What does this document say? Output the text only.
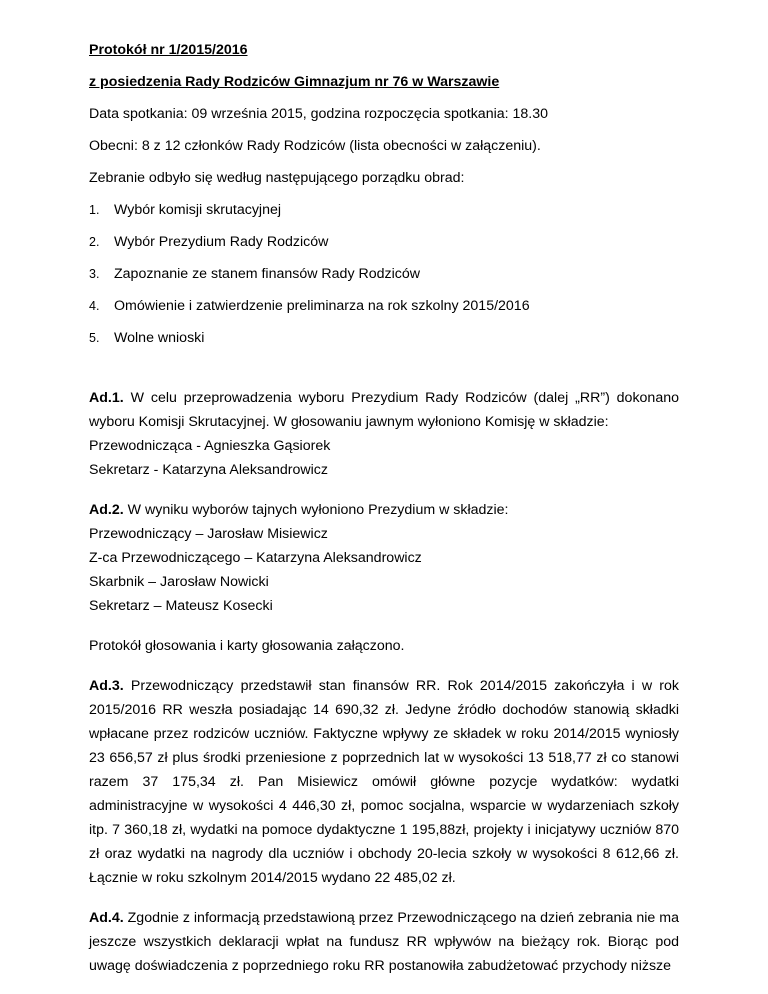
Protokół nr 1/2015/2016

z posiedzenia Rady Rodziców Gimnazjum nr 76 w Warszawie

Data spotkania: 09 września 2015, godzina rozpoczęcia spotkania: 18.30

Obecni: 8 z 12 członków Rady Rodziców (lista obecności w załączeniu).

Zebranie odbyło się według następującego porządku obrad:

1. Wybór komisji skrutacyjnej
2. Wybór Prezydium Rady Rodziców
3. Zapoznanie ze stanem finansów Rady Rodziców
4. Omówienie i zatwierdzenie preliminarza na rok szkolny 2015/2016
5. Wolne wnioski
Ad.1. W celu przeprowadzenia wyboru Prezydium Rady Rodziców (dalej „RR”) dokonano wyboru Komisji Skrutacyjnej. W głosowaniu jawnym wyłoniono Komisję w składzie:
Przewodnicząca - Agnieszka Gąsiorek
Sekretarz - Katarzyna Aleksandrowicz
Ad.2. W wyniku wyborów tajnych wyłoniono Prezydium w składzie:
Przewodniczący – Jarosław Misiewicz
Z-ca Przewodniczącego – Katarzyna Aleksandrowicz
Skarbnik – Jarosław Nowicki
Sekretarz – Mateusz Kosecki
Protokół głosowania i karty głosowania załączono.
Ad.3. Przewodniczący przedstawił stan finansów RR. Rok 2014/2015 zakończyła i w rok 2015/2016 RR weszła posiadając 14 690,32 zł. Jedyne źródło dochodów stanowią składki wpłacane przez rodziców uczniów. Faktyczne wpływy ze składek w roku 2014/2015 wyniosły 23 656,57 zł plus środki przeniesione z poprzednich lat w wysokości 13 518,77 zł co stanowi razem 37 175,34 zł. Pan Misiewicz omówił główne pozycje wydatków: wydatki administracyjne w wysokości 4 446,30 zł, pomoc socjalna, wsparcie w wydarzeniach szkoły itp. 7 360,18 zł, wydatki na pomoce dydaktyczne 1 195,88zł, projekty i inicjatywy uczniów 870 zł oraz wydatki na nagrody dla uczniów i obchody 20-lecia szkoły w wysokości 8 612,66 zł. Łącznie w roku szkolnym 2014/2015 wydano 22 485,02 zł.
Ad.4. Zgodnie z informacją przedstawioną przez Przewodniczącego na dzień zebrania nie ma jeszcze wszystkich deklaracji wpłat na fundusz RR wpływów na bieżący rok. Biorąc pod uwagę doświadczenia z poprzedniego roku RR postanowiła zabudżetować przychody niższe
